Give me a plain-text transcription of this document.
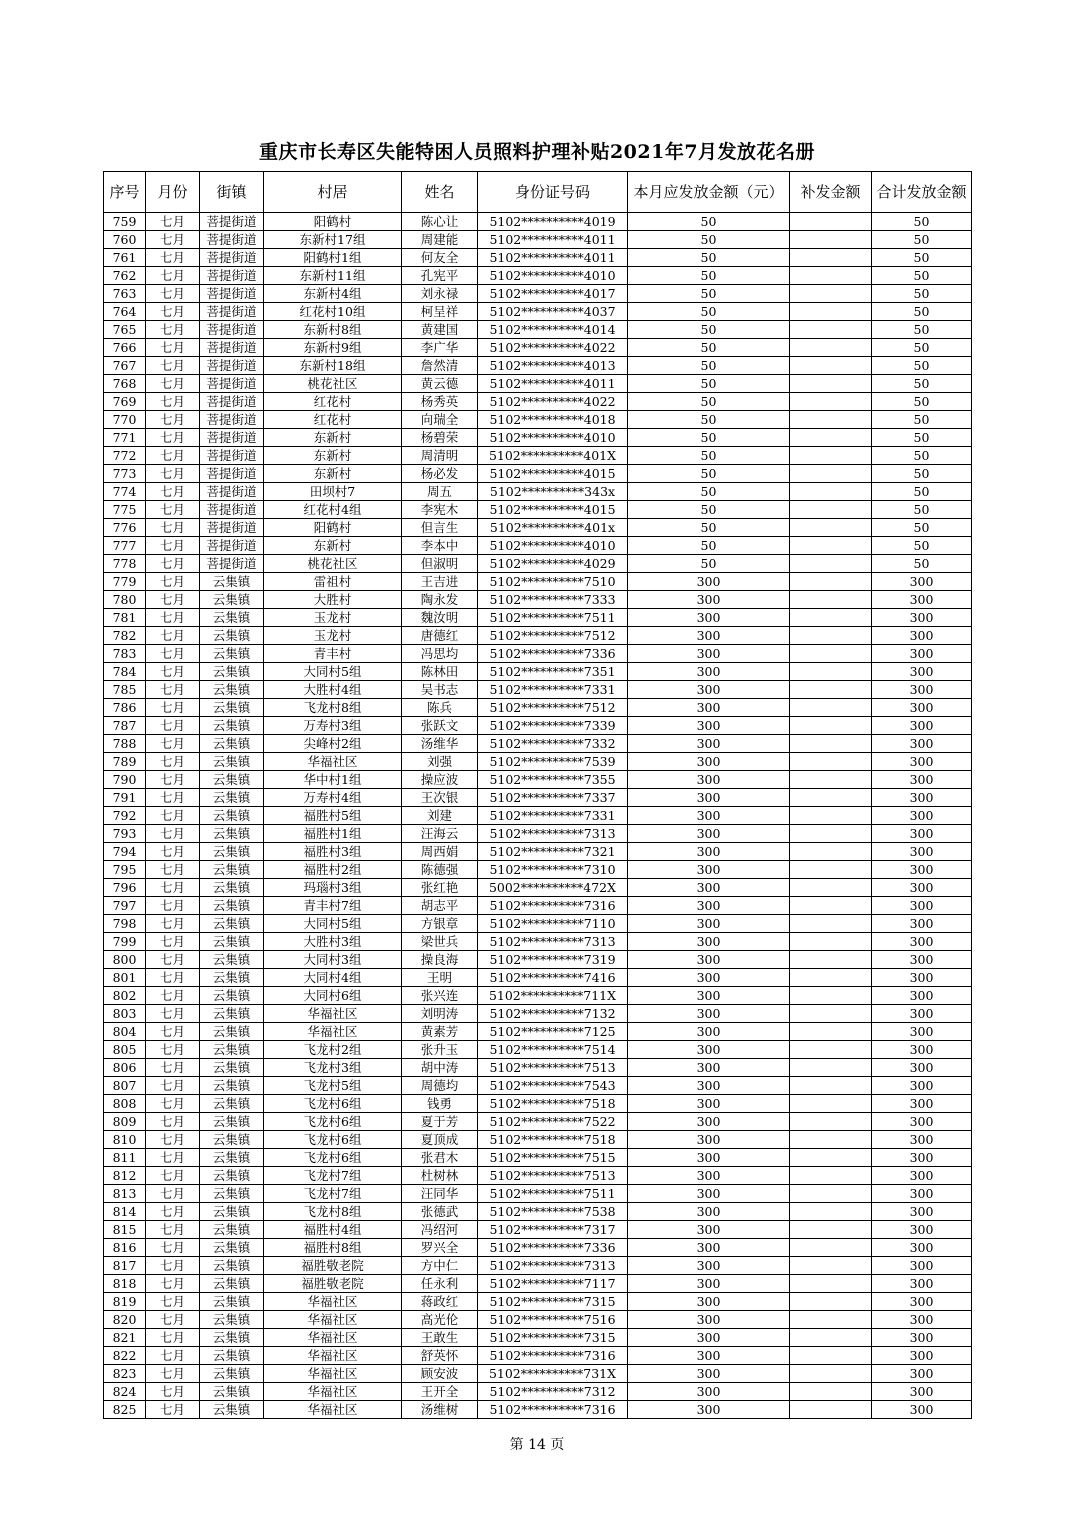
重庆市长寿区失能特困人员照料护理补贴2021年7月发放花名册
序号	月份	街镇	村居	姓名	身份证号码	本月应发放金额（元）	补发金额	合计发放金额
759	七月	菩提街道	阳鹤村	陈心让	5102**********4019	50		50
760	七月	菩提街道	东新村17组	周建能	5102**********4011	50		50
761	七月	菩提街道	阳鹤村1组	何友全	5102**********4011	50		50
762	七月	菩提街道	东新村11组	孔宪平	5102**********4010	50		50
763	七月	菩提街道	东新村4组	刘永禄	5102**********4017	50		50
764	七月	菩提街道	红花村10组	柯呈祥	5102**********4037	50		50
765	七月	菩提街道	东新村8组	黄建国	5102**********4014	50		50
766	七月	菩提街道	东新村9组	李广华	5102**********4022	50		50
767	七月	菩提街道	东新村18组	詹然清	5102**********4013	50		50
768	七月	菩提街道	桃花社区	黄云德	5102**********4011	50		50
769	七月	菩提街道	红花村	杨秀英	5102**********4022	50		50
770	七月	菩提街道	红花村	向瑞全	5102**********4018	50		50
771	七月	菩提街道	东新村	杨碧荣	5102**********4010	50		50
772	七月	菩提街道	东新村	周清明	5102**********401X	50		50
773	七月	菩提街道	东新村	杨必发	5102**********4015	50		50
774	七月	菩提街道	田坝村7	周五	5102**********343x	50		50
775	七月	菩提街道	红花村4组	李宪木	5102**********4015	50		50
776	七月	菩提街道	阳鹤村	但言生	5102**********401x	50		50
777	七月	菩提街道	东新村	李本中	5102**********4010	50		50
778	七月	菩提街道	桃花社区	但淑明	5102**********4029	50		50
779	七月	云集镇	雷祖村	王吉进	5102**********7510	300		300
780	七月	云集镇	大胜村	陶永发	5102**********7333	300		300
781	七月	云集镇	玉龙村	魏汝明	5102**********7511	300		300
782	七月	云集镇	玉龙村	唐德红	5102**********7512	300		300
783	七月	云集镇	青丰村	冯思均	5102**********7336	300		300
784	七月	云集镇	大同村5组	陈林田	5102**********7351	300		300
785	七月	云集镇	大胜村4组	吴书志	5102**********7331	300		300
786	七月	云集镇	飞龙村8组	陈兵	5102**********7512	300		300
787	七月	云集镇	万寿村3组	张跃文	5102**********7339	300		300
788	七月	云集镇	尖峰村2组	汤维华	5102**********7332	300		300
789	七月	云集镇	华福社区	刘强	5102**********7539	300		300
790	七月	云集镇	华中村1组	操应波	5102**********7355	300		300
791	七月	云集镇	万寿村4组	王次银	5102**********7337	300		300
792	七月	云集镇	福胜村5组	刘建	5102**********7331	300		300
793	七月	云集镇	福胜村1组	汪海云	5102**********7313	300		300
794	七月	云集镇	福胜村3组	周西娟	5102**********7321	300		300
795	七月	云集镇	福胜村2组	陈德强	5102**********7310	300		300
796	七月	云集镇	玛瑙村3组	张红艳	5002**********472X	300		300
797	七月	云集镇	青丰村7组	胡志平	5102**********7316	300		300
798	七月	云集镇	大同村5组	方银章	5102**********7110	300		300
799	七月	云集镇	大胜村3组	梁世兵	5102**********7313	300		300
800	七月	云集镇	大同村3组	操良海	5102**********7319	300		300
801	七月	云集镇	大同村4组	王明	5102**********7416	300		300
802	七月	云集镇	大同村6组	张兴连	5102**********711X	300		300
803	七月	云集镇	华福社区	刘明涛	5102**********7132	300		300
804	七月	云集镇	华福社区	黄素芳	5102**********7125	300		300
805	七月	云集镇	飞龙村2组	张升玉	5102**********7514	300		300
806	七月	云集镇	飞龙村3组	胡中涛	5102**********7513	300		300
807	七月	云集镇	飞龙村5组	周德均	5102**********7543	300		300
808	七月	云集镇	飞龙村6组	钱勇	5102**********7518	300		300
809	七月	云集镇	飞龙村6组	夏于芳	5102**********7522	300		300
810	七月	云集镇	飞龙村6组	夏顶成	5102**********7518	300		300
811	七月	云集镇	飞龙村6组	张君木	5102**********7515	300		300
812	七月	云集镇	飞龙村7组	杜树林	5102**********7513	300		300
813	七月	云集镇	飞龙村7组	汪同华	5102**********7511	300		300
814	七月	云集镇	飞龙村8组	张德武	5102**********7538	300		300
815	七月	云集镇	福胜村4组	冯绍河	5102**********7317	300		300
816	七月	云集镇	福胜村8组	罗兴全	5102**********7336	300		300
817	七月	云集镇	福胜敬老院	方中仁	5102**********7313	300		300
818	七月	云集镇	福胜敬老院	任永利	5102**********7117	300		300
819	七月	云集镇	华福社区	蒋政红	5102**********7315	300		300
820	七月	云集镇	华福社区	高光伦	5102**********7516	300		300
821	七月	云集镇	华福社区	王敢生	5102**********7315	300		300
822	七月	云集镇	华福社区	舒英怀	5102**********7316	300		300
823	七月	云集镇	华福社区	顾安波	5102**********731X	300		300
824	七月	云集镇	华福社区	王开全	5102**********7312	300		300
825	七月	云集镇	华福社区	汤维树	5102**********7316	300		300
第 14 页
